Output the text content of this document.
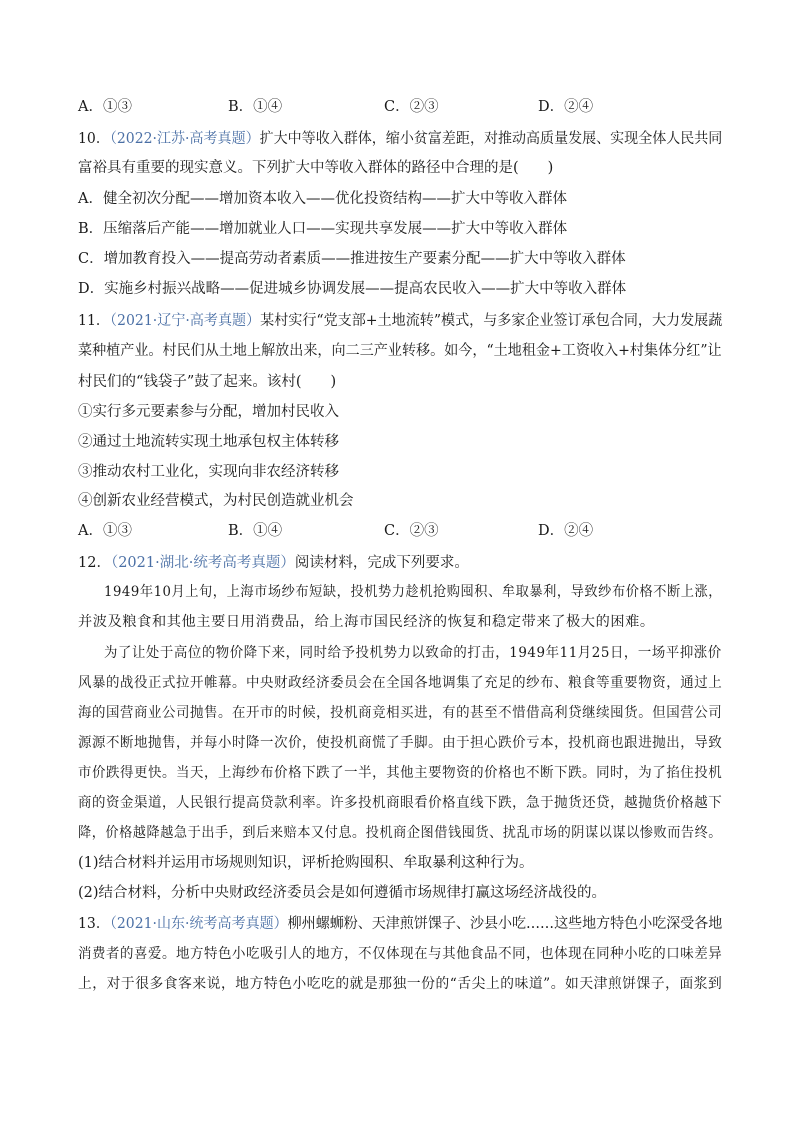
A．①③	B．①④	C．②③	D．②④
10．（2022·江苏·高考真题）扩大中等收入群体，缩小贫富差距，对推动高质量发展、实现全体人民共同
富裕具有重要的现实意义。下列扩大中等收入群体的路径中合理的是(　　)
A．健全初次分配——增加资本收入——优化投资结构——扩大中等收入群体
B．压缩落后产能——增加就业人口——实现共享发展——扩大中等收入群体
C．增加教育投入——提高劳动者素质——推进按生产要素分配——扩大中等收入群体
D．实施乡村振兴战略——促进城乡协调发展——提高农民收入——扩大中等收入群体
11．（2021·辽宁·高考真题）某村实行“党支部+土地流转”模式，与多家企业签订承包合同，大力发展蔬
菜种植产业。村民们从土地上解放出来，向二三产业转移。如今，“土地租金+工资收入+村集体分红”让
村民们的“钱袋子”鼓了起来。该村(　　)
①实行多元要素参与分配，增加村民收入
②通过土地流转实现土地承包权主体转移
③推动农村工业化，实现向非农经济转移
④创新农业经营模式，为村民创造就业机会
A．①③	B．①④	C．②③	D．②④
12．（2021·湖北·统考高考真题）阅读材料，完成下列要求。
1949年10月上旬，上海市场纱布短缺，投机势力趁机抢购囤积、牟取暴利，导致纱布价格不断上涨，
并波及粮食和其他主要日用消费品，给上海市国民经济的恢复和稳定带来了极大的困难。
为了让处于高位的物价降下来，同时给予投机势力以致命的打击，1949年11月25日，一场平抑涨价
风暴的战役正式拉开帷幕。中央财政经济委员会在全国各地调集了充足的纱布、粮食等重要物资，通过上
海的国营商业公司抛售。在开市的时候，投机商竞相买进，有的甚至不惜借高利贷继续囤货。但国营公司
源源不断地抛售，并每小时降一次价，使投机商慌了手脚。由于担心跌价亏本，投机商也跟进抛出，导致
市价跌得更快。当天，上海纱布价格下跌了一半，其他主要物资的价格也不断下跌。同时，为了掐住投机
商的资金渠道，人民银行提高贷款利率。许多投机商眼看价格直线下跌，急于抛货还贷，越抛货价格越下
降，价格越降越急于出手，到后来赔本又付息。投机商企图借钱囤货、扰乱市场的阴谋以谋以惨败而告终。
(1)结合材料并运用市场规则知识，评析抢购囤积、牟取暴利这种行为。
(2)结合材料，分析中央财政经济委员会是如何遵循市场规律打赢这场经济战役的。
13．（2021·山东·统考高考真题）柳州螺蛳粉、天津煎饼馃子、沙县小吃……这些地方特色小吃深受各地
消费者的喜爱。地方特色小吃吸引人的地方，不仅体现在与其他食品不同，也体现在同种小吃的口味差异
上，对于很多食客来说，地方特色小吃吃的就是那独一份的“舌尖上的味道”。如天津煎饼馃子，面浆到
